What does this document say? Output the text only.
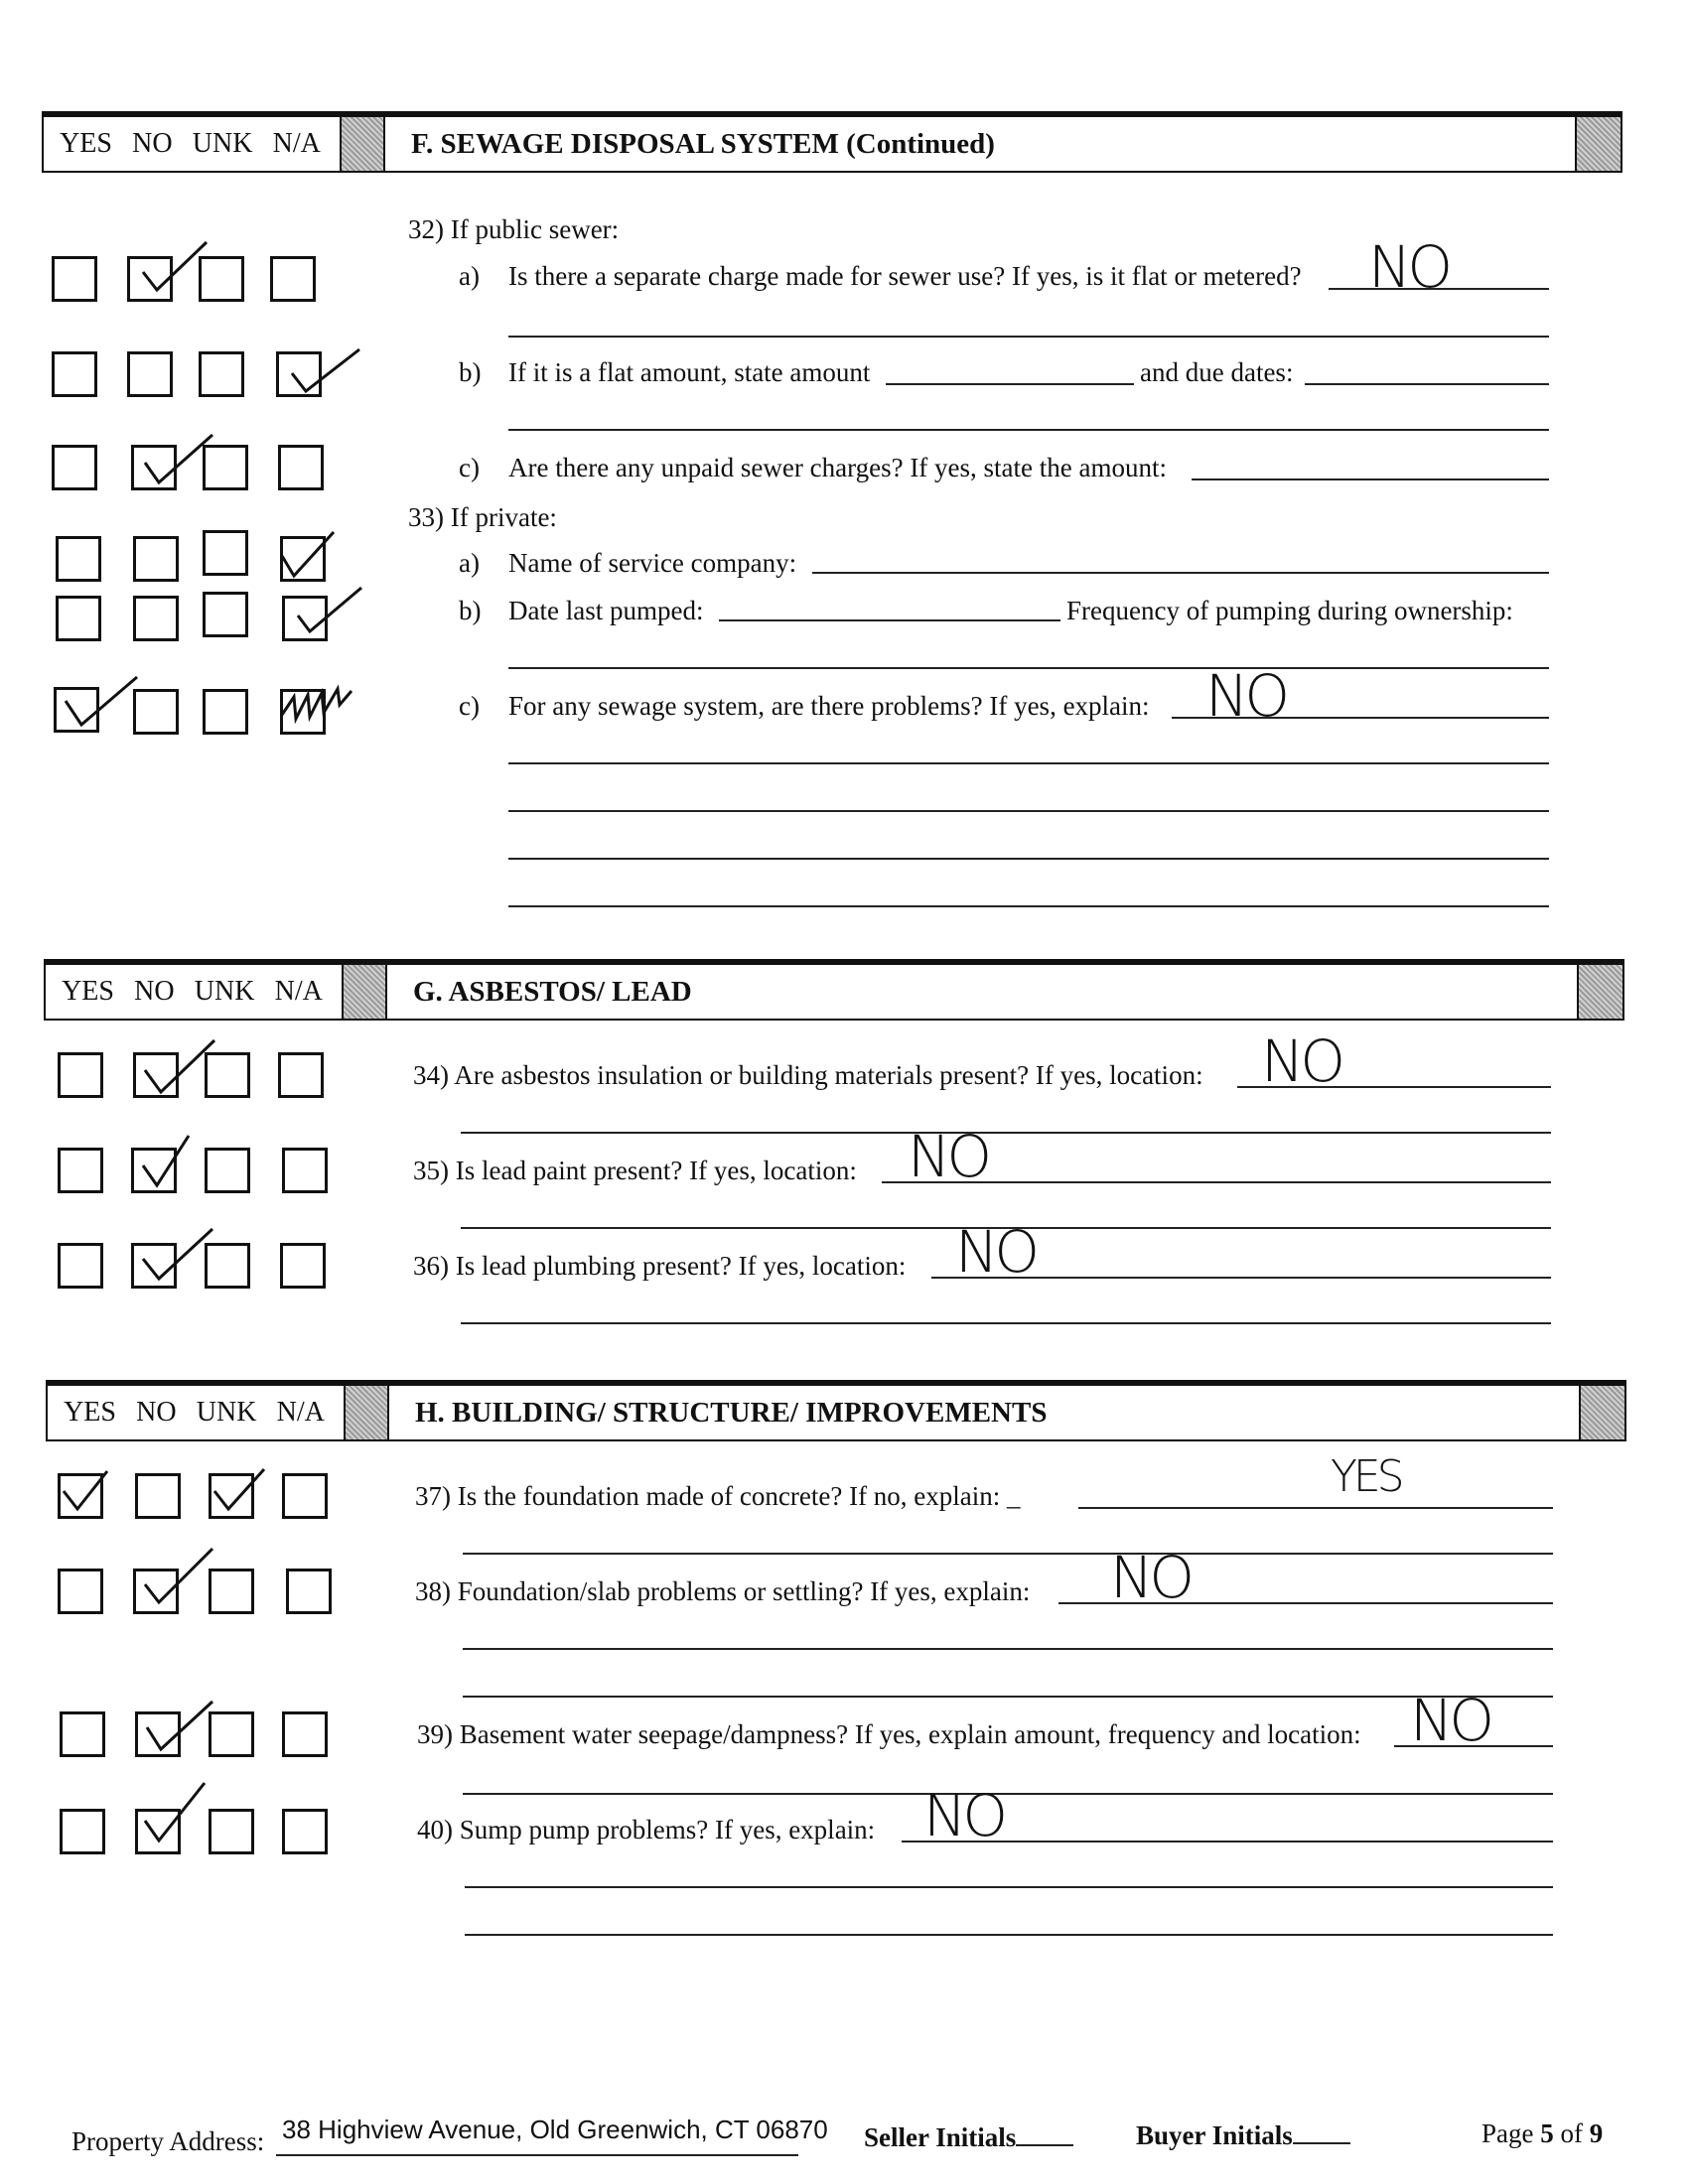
YES NO UNK N/A	F. SEWAGE DISPOSAL SYSTEM (Continued)
32) If public sewer:
a) Is there a separate charge made for sewer use? If yes, is it flat or metered? NO
b) If it is a flat amount, state amount	and due dates:
c) Are there any unpaid sewer charges? If yes, state the amount:
33) If private:
a) Name of service company:
b) Date last pumped:	Frequency of pumping during ownership:
c) For any sewage system, are there problems? If yes, explain: NO
YES NO UNK N/A	G. ASBESTOS/ LEAD
34) Are asbestos insulation or building materials present? If yes, location: NO
35) Is lead paint present? If yes, location: NO
36) Is lead plumbing present? If yes, location: NO
YES NO UNK N/A	H. BUILDING/ STRUCTURE/ IMPROVEMENTS
37) Is the foundation made of concrete? If no, explain: _	YES
38) Foundation/slab problems or settling? If yes, explain: NO
39) Basement water seepage/dampness? If yes, explain amount, frequency and location: NO
40) Sump pump problems? If yes, explain: NO
Property Address: 38 Highview Avenue, Old Greenwich, CT 06870 Seller Initials	Buyer Initials	Page 5 of 9
